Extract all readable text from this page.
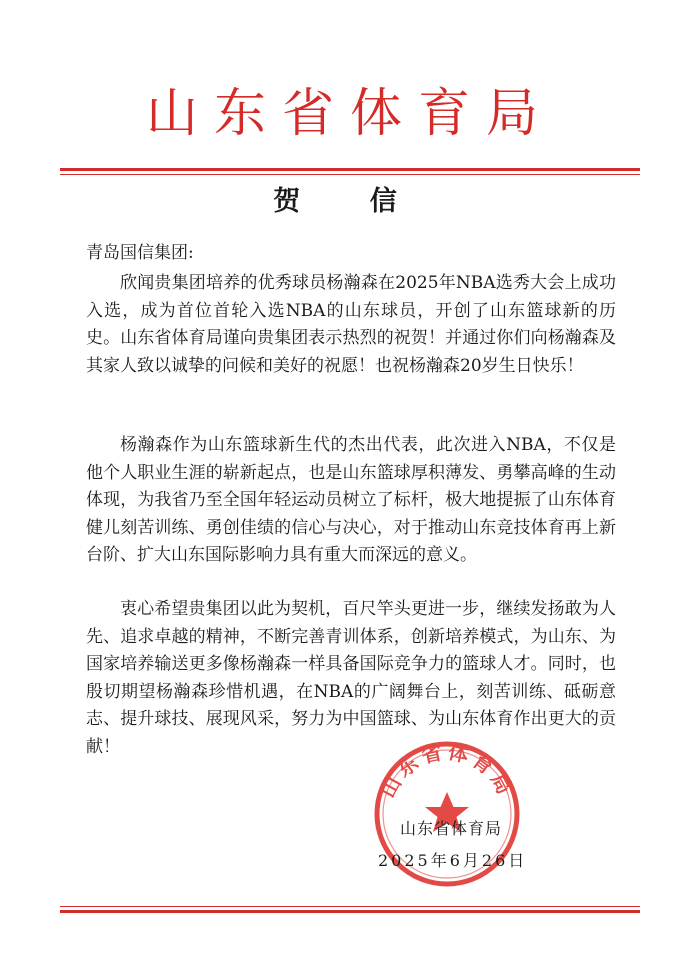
山东省体育局
贺 信
青岛国信集团:

欣闻贵集团培养的优秀球员杨瀚森在2025年NBA选秀大会上成功入选，成为首位首轮入选NBA的山东球员，开创了山东篮球新的历史。山东省体育局谨向贵集团表示热烈的祝贺！并通过你们向杨瀚森及其家人致以诚挚的问候和美好的祝愿！也祝杨瀚森20岁生日快乐！

杨瀚森作为山东篮球新生代的杰出代表，此次进入NBA，不仅是他个人职业生涯的崭新起点，也是山东篮球厚积薄发、勇攀高峰的生动体现，为我省乃至全国年轻运动员树立了标杆，极大地提振了山东体育健儿刻苦训练、勇创佳绩的信心与决心，对于推动山东竞技体育再上新台阶、扩大山东国际影响力具有重大而深远的意义。

衷心希望贵集团以此为契机，百尺竿头更进一步，继续发扬敢为人先、追求卓越的精神，不断完善青训体系，创新培养模式，为山东、为国家培养输送更多像杨瀚森一样具备国际竞争力的篮球人才。同时，也殷切期望杨瀚森珍惜机遇，在NBA的广阔舞台上，刻苦训练、砥砺意志、提升球技、展现风采，努力为中国篮球、为山东体育作出更大的贡献！

山东省体育局
山东省体育局
2025年6月26日
